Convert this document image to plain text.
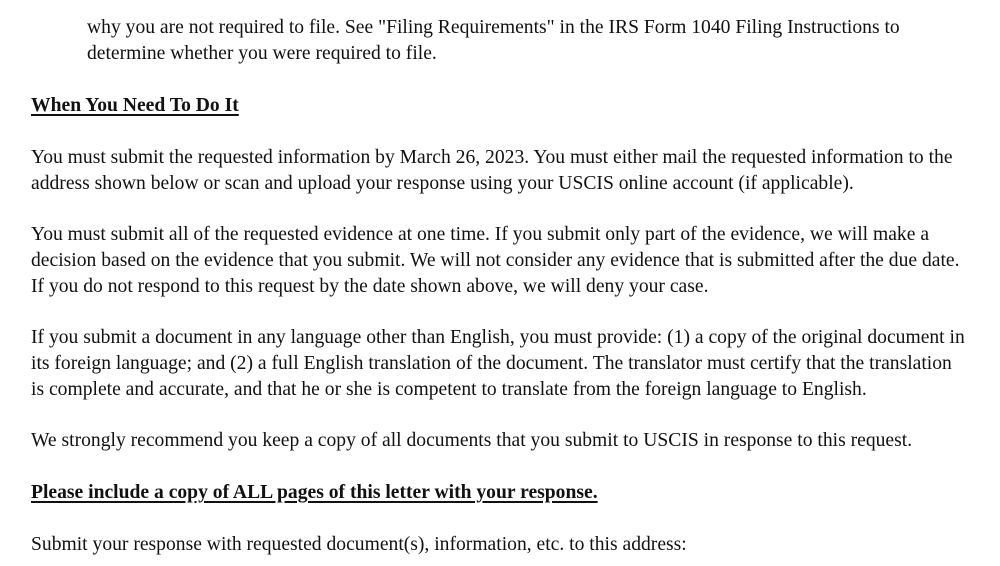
why you are not required to file. See "Filing Requirements" in the IRS Form 1040 Filing Instructions to
determine whether you were required to file.
When You Need To Do It
You must submit the requested information by March 26, 2023. You must either mail the requested information to the
address shown below or scan and upload your response using your USCIS online account (if applicable).
You must submit all of the requested evidence at one time. If you submit only part of the evidence, we will make a
decision based on the evidence that you submit. We will not consider any evidence that is submitted after the due date.
If you do not respond to this request by the date shown above, we will deny your case.
If you submit a document in any language other than English, you must provide: (1) a copy of the original document in
its foreign language; and (2) a full English translation of the document. The translator must certify that the translation
is complete and accurate, and that he or she is competent to translate from the foreign language to English.
We strongly recommend you keep a copy of all documents that you submit to USCIS in response to this request.
Please include a copy of ALL pages of this letter with your response.
Submit your response with requested document(s), information, etc. to this address:
